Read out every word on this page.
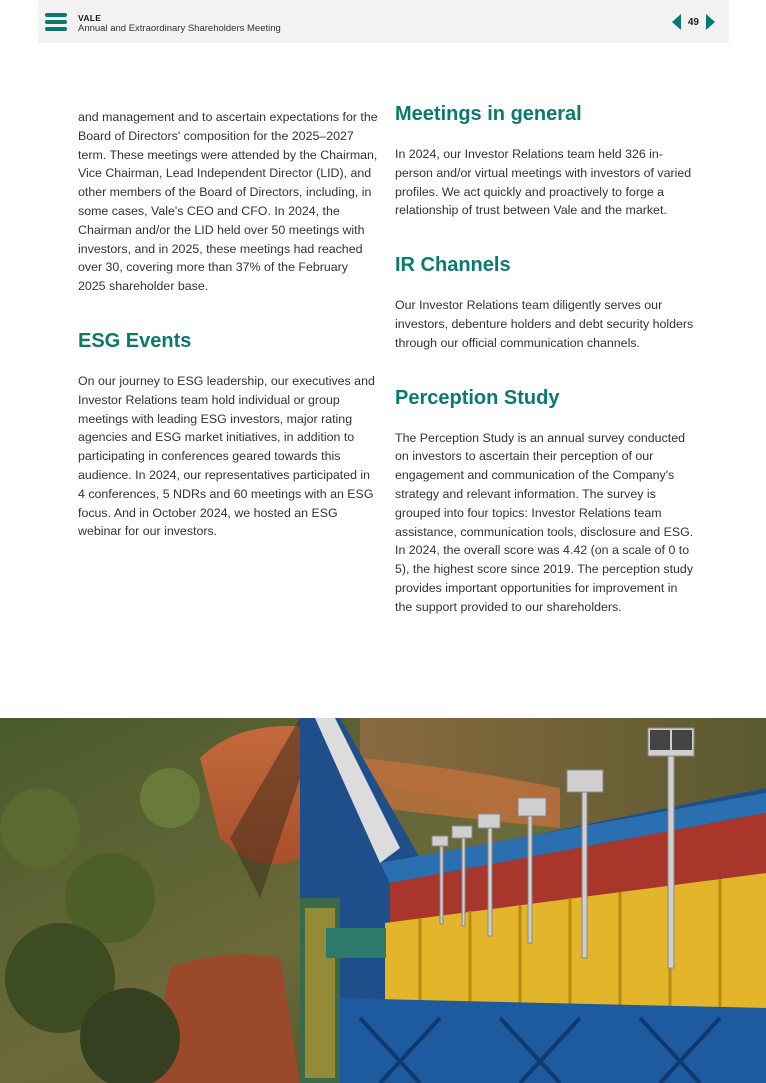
VALE
Annual and Extraordinary Shareholders Meeting
49

and management and to ascertain expectations for the Board of Directors' composition for the 2025–2027 term. These meetings were attended by the Chairman, Vice Chairman, Lead Independent Director (LID), and other members of the Board of Directors, including, in some cases, Vale's CEO and CFO. In 2024, the Chairman and/or the LID held over 50 meetings with investors, and in 2025, these meetings had reached over 30, covering more than 37% of the February 2025 shareholder base.

ESG Events

On our journey to ESG leadership, our executives and Investor Relations team hold individual or group meetings with leading ESG investors, major rating agencies and ESG market initiatives, in addition to participating in conferences geared towards this audience. In 2024, our representatives participated in 4 conferences, 5 NDRs and 60 meetings with an ESG focus. And in October 2024, we hosted an ESG webinar for our investors.

Meetings in general

In 2024, our Investor Relations team held 326 in-person and/or virtual meetings with investors of varied profiles. We act quickly and proactively to forge a relationship of trust between Vale and the market.

IR Channels

Our Investor Relations team diligently serves our investors, debenture holders and debt security holders through our official communication channels.

Perception Study

The Perception Study is an annual survey conducted on investors to ascertain their perception of our engagement and communication of the Company's strategy and relevant information. The survey is grouped into four topics: Investor Relations team assistance, communication tools, disclosure and ESG. In 2024, the overall score was 4.42 (on a scale of 0 to 5), the highest score since 2019. The perception study provides important opportunities for improvement in the support provided to our shareholders.
